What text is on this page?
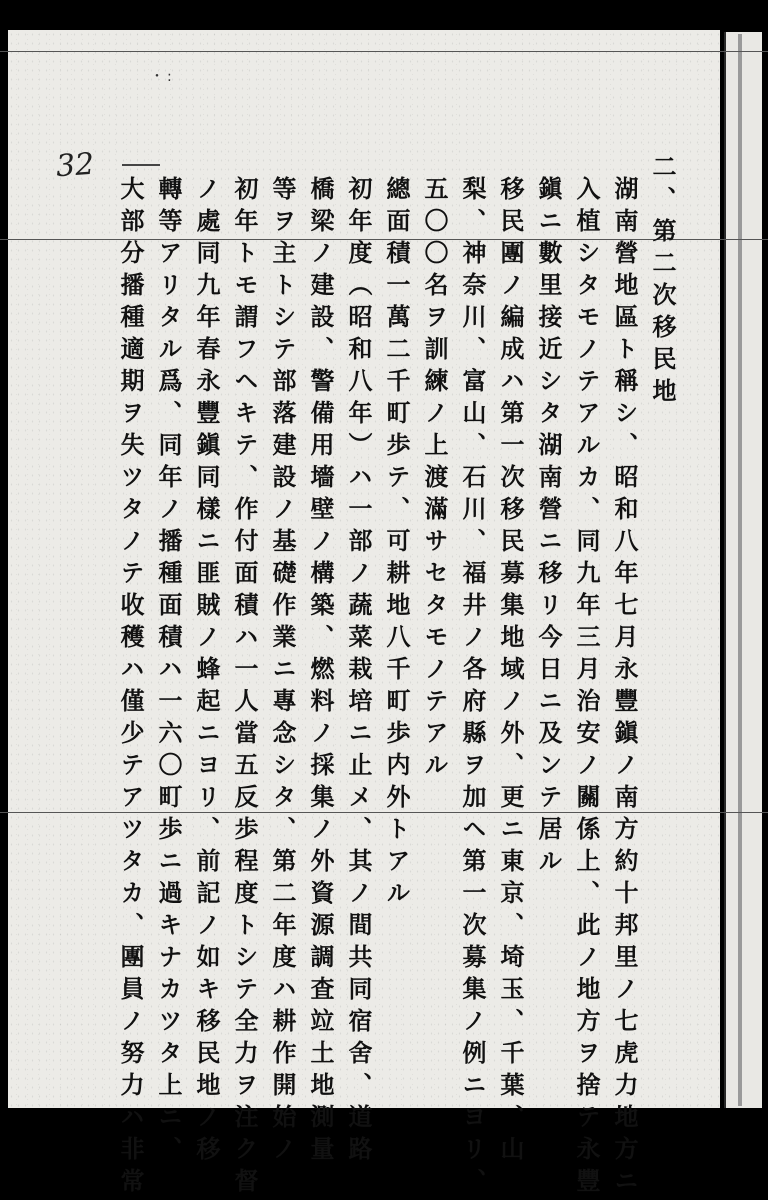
・:
32	二、第二次移民地
湖南營地區ト稱シ、昭和八年七月永豐鎭ノ南方約十邦里ノ七虎力地方ニ
入植シタモノテアルカ、同九年三月治安ノ關係上、此ノ地方ヲ捨テ永豐
鎭ニ數里接近シタ湖南營ニ移リ今日ニ及ンテ居ル
移民團ノ編成ハ第一次移民募集地域ノ外、更ニ東京、埼玉、千葉、山
梨、神奈川、富山、石川、福井ノ各府縣ヲ加ヘ第一次募集ノ例ニヨリ、
五〇〇名ヲ訓練ノ上渡滿サセタモノテアル
總面積一萬二千町歩テ、可耕地八千町歩内外トアル
初年度（昭和八年）ハ一部ノ蔬菜栽培ニ止メ、其ノ間共同宿舍、道路
橋梁ノ建設、警備用墻壁ノ構築、燃料ノ採集ノ外資源調査竝土地測量
等ヲ主トシテ部落建設ノ基礎作業ニ專念シタ、第二年度ハ耕作開始ノ
初年トモ謂フヘキテ、作付面積ハ一人當五反歩程度トシテ全力ヲ注ク督
ノ處同九年春永豐鎭同樣ニ匪賊ノ蜂起ニヨリ、前記ノ如キ移民地ノ移
轉等アリタル爲、同年ノ播種面積ハ一六〇町歩ニ過キナカツタ上ニ、
大部分播種適期ヲ失ツタノテ收穫ハ僅少テアツタカ、團員ノ努力ハ非常
